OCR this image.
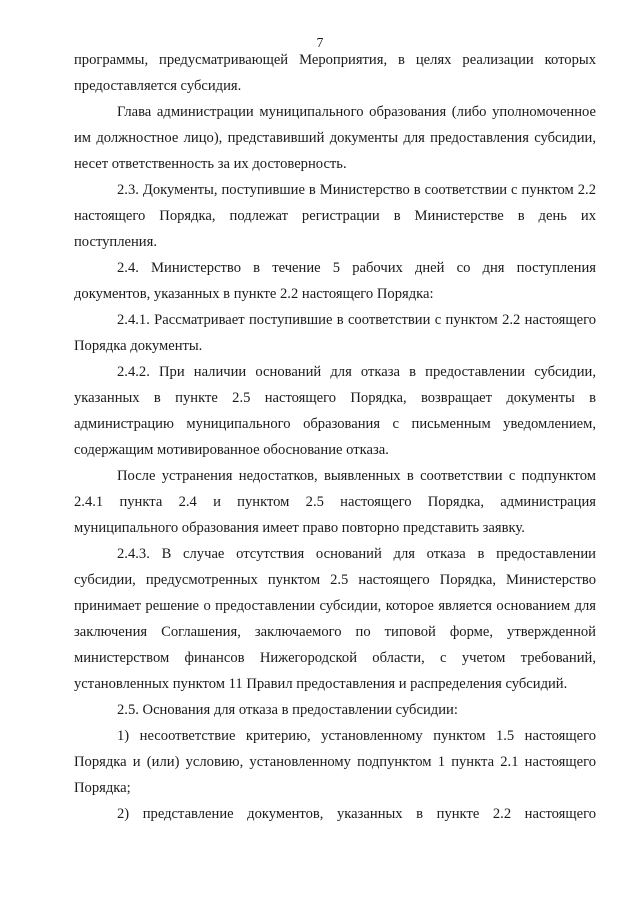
7

программы, предусматривающей Мероприятия, в целях реализации которых предоставляется субсидия.

Глава администрации муниципального образования (либо уполномоченное им должностное лицо), представивший документы для предоставления субсидии, несет ответственность за их достоверность.

2.3. Документы, поступившие в Министерство в соответствии с пунктом 2.2 настоящего Порядка, подлежат регистрации в Министерстве в день их поступления.

2.4. Министерство в течение 5 рабочих дней со дня поступления документов, указанных в пункте 2.2 настоящего Порядка:

2.4.1. Рассматривает поступившие в соответствии с пунктом 2.2 настоящего Порядка документы.

2.4.2. При наличии оснований для отказа в предоставлении субсидии, указанных в пункте 2.5 настоящего Порядка, возвращает документы в администрацию муниципального образования с письменным уведомлением, содержащим мотивированное обоснование отказа.

После устранения недостатков, выявленных в соответствии с подпунктом 2.4.1 пункта 2.4 и пунктом 2.5 настоящего Порядка, администрация муниципального образования имеет право повторно представить заявку.

2.4.3. В случае отсутствия оснований для отказа в предоставлении субсидии, предусмотренных пунктом 2.5 настоящего Порядка, Министерство принимает решение о предоставлении субсидии, которое является основанием для заключения Соглашения, заключаемого по типовой форме, утвержденной министерством финансов Нижегородской области, с учетом требований, установленных пунктом 11 Правил предоставления и распределения субсидий.

2.5. Основания для отказа в предоставлении субсидии:

1) несоответствие критерию, установленному пунктом 1.5 настоящего Порядка и (или) условию, установленному подпунктом 1 пункта 2.1 настоящего Порядка;

2) представление документов, указанных в пункте 2.2 настоящего
